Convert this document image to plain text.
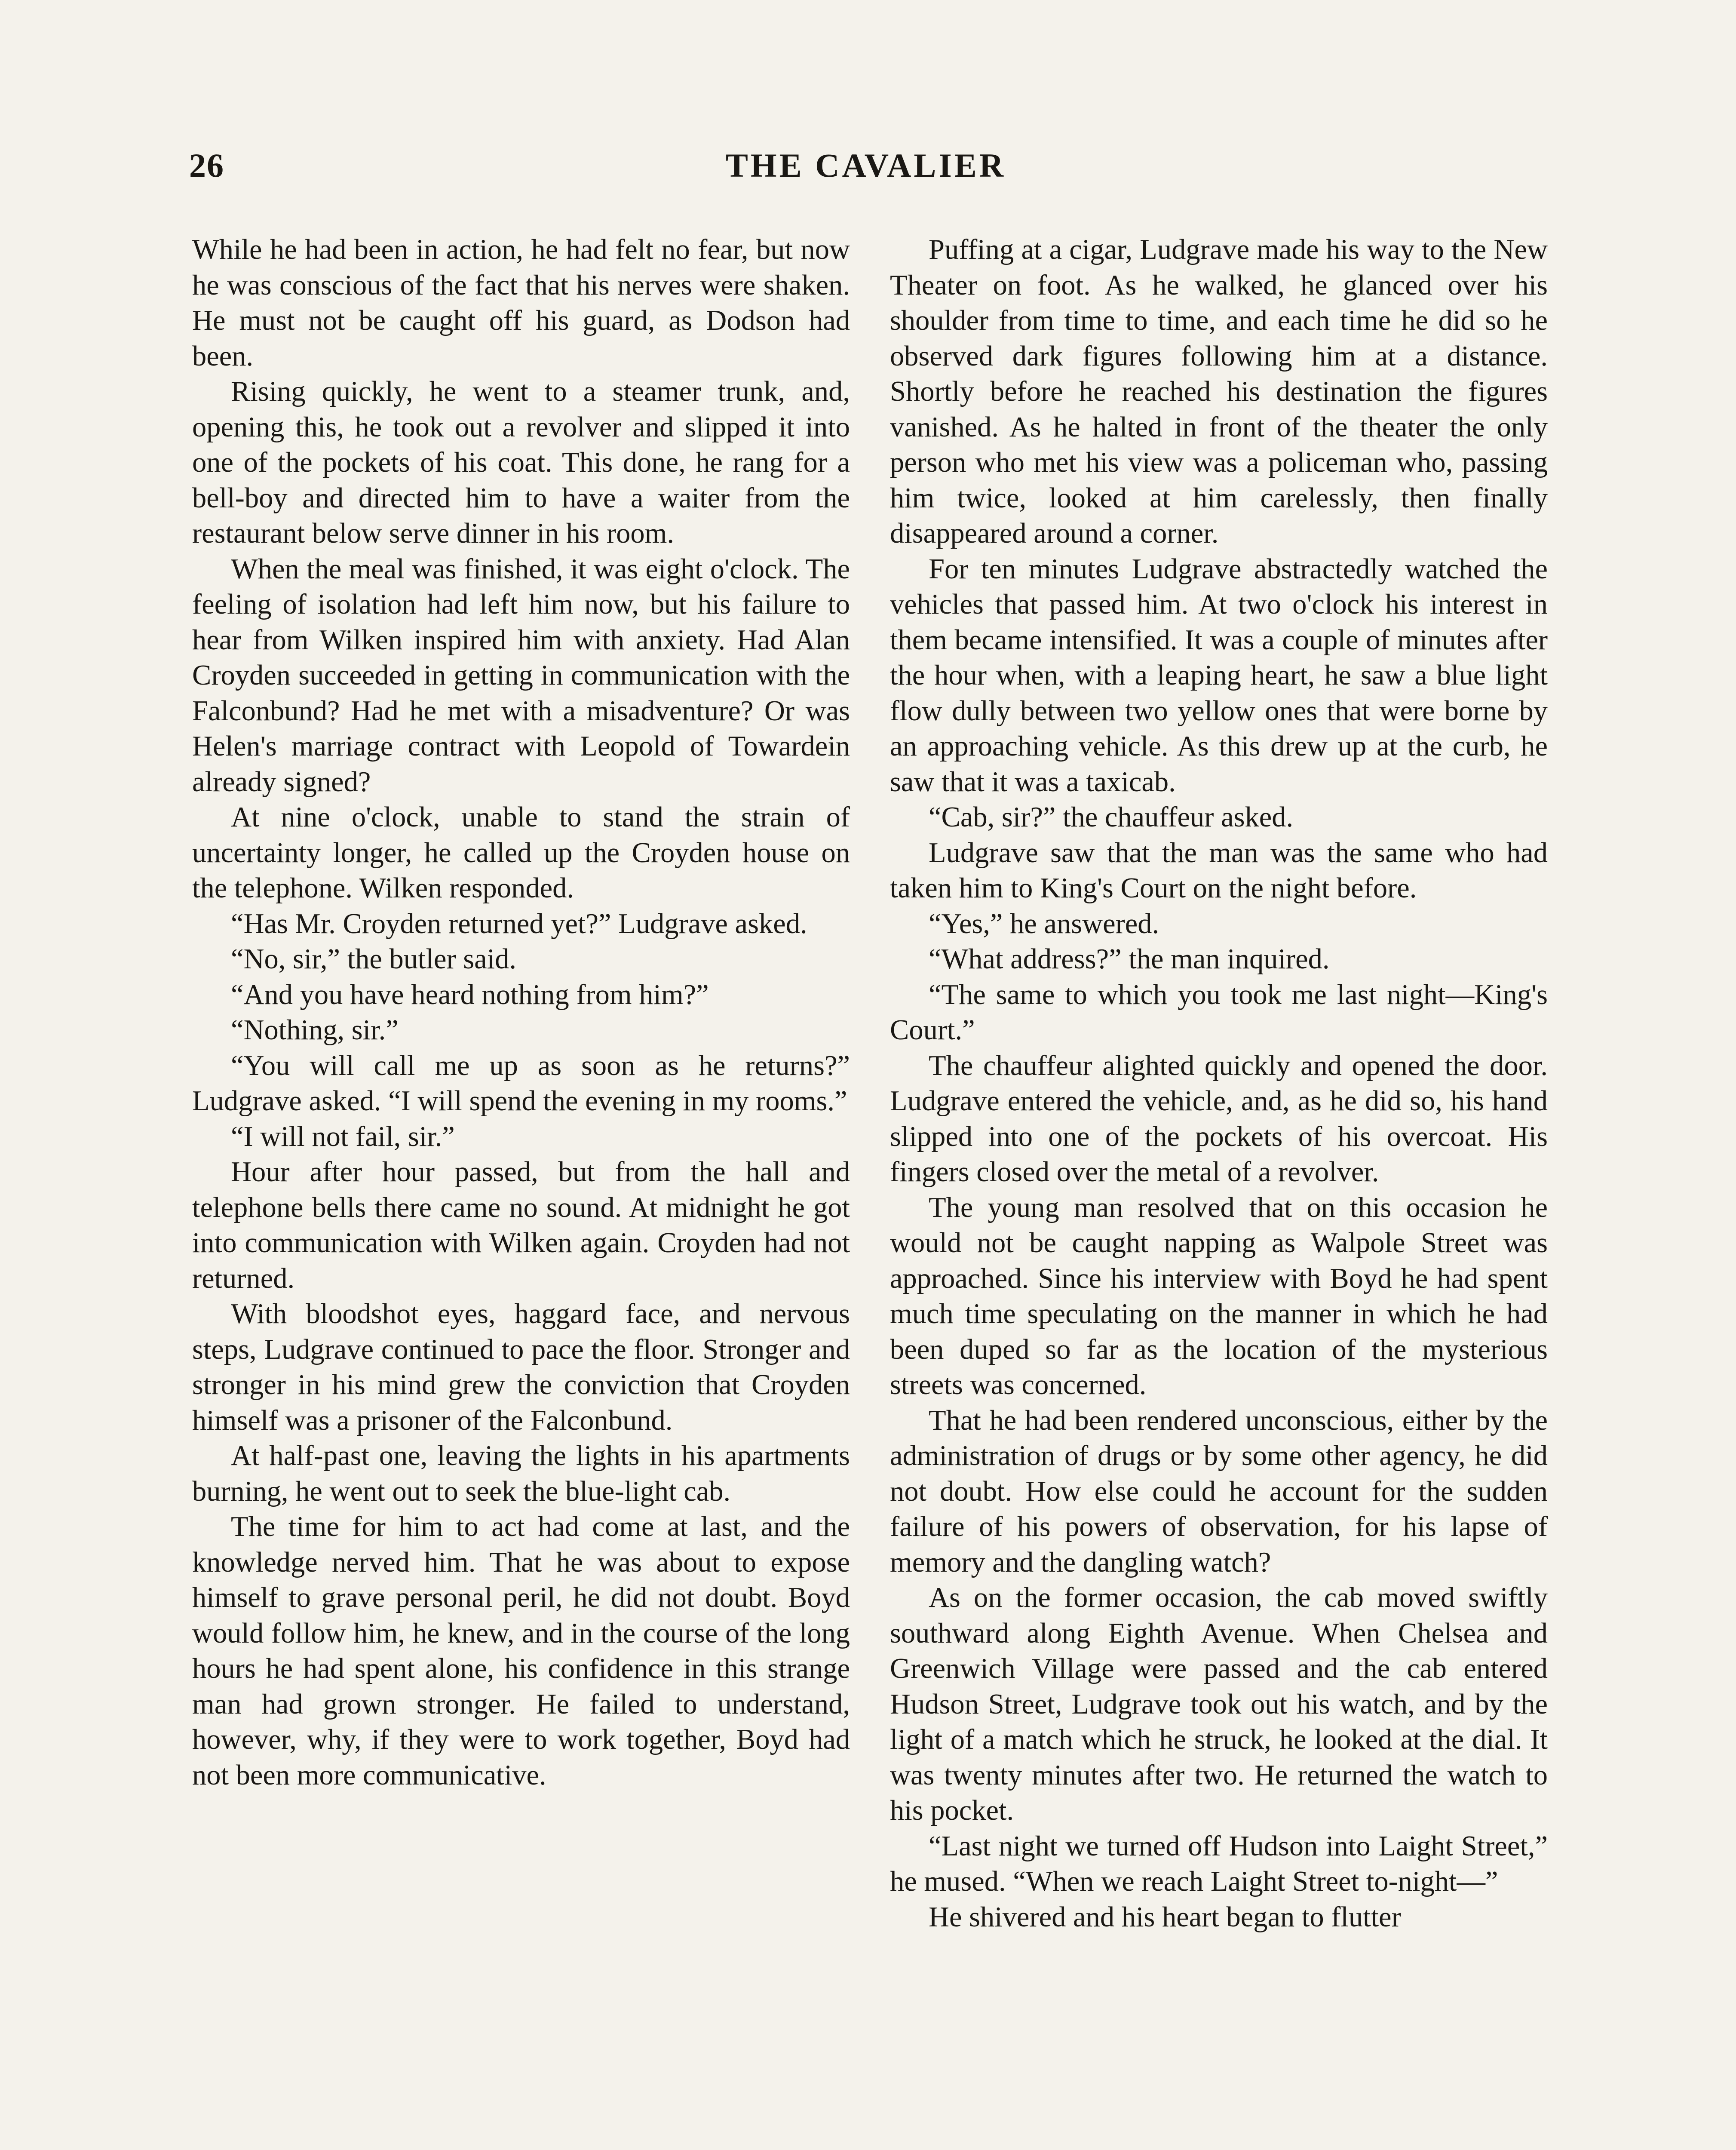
26	THE CAVALIER

While he had been in action, he had felt no fear, but now he was conscious of the fact that his nerves were shaken. He must not be caught off his guard, as Dodson had been.

Rising quickly, he went to a steamer trunk, and, opening this, he took out a revolver and slipped it into one of the pockets of his coat. This done, he rang for a bell-boy and directed him to have a waiter from the restaurant below serve dinner in his room.

When the meal was finished, it was eight o'clock. The feeling of isolation had left him now, but his failure to hear from Wilken inspired him with anxiety. Had Alan Croyden succeeded in getting in communication with the Falconbund? Had he met with a misadventure? Or was Helen's marriage contract with Leopold of Towardein already signed?

At nine o'clock, unable to stand the strain of uncertainty longer, he called up the Croyden house on the telephone. Wilken responded.

“Has Mr. Croyden returned yet?” Ludgrave asked.

“No, sir,” the butler said.

“And you have heard nothing from him?”

“Nothing, sir.”

“You will call me up as soon as he returns?” Ludgrave asked. “I will spend the evening in my rooms.”

“I will not fail, sir.”

Hour after hour passed, but from the hall and telephone bells there came no sound. At midnight he got into communication with Wilken again. Croyden had not returned.

With bloodshot eyes, haggard face, and nervous steps, Ludgrave continued to pace the floor. Stronger and stronger in his mind grew the conviction that Croyden himself was a prisoner of the Falconbund.

At half-past one, leaving the lights in his apartments burning, he went out to seek the blue-light cab.

The time for him to act had come at last, and the knowledge nerved him. That he was about to expose himself to grave personal peril, he did not doubt. Boyd would follow him, he knew, and in the course of the long hours he had spent alone, his confidence in this strange man had grown stronger. He failed to understand, however, why, if they were to work together, Boyd had not been more communicative.

Puffing at a cigar, Ludgrave made his way to the New Theater on foot. As he walked, he glanced over his shoulder from time to time, and each time he did so he observed dark figures following him at a distance. Shortly before he reached his destination the figures vanished. As he halted in front of the theater the only person who met his view was a policeman who, passing him twice, looked at him carelessly, then finally disappeared around a corner.

For ten minutes Ludgrave abstractedly watched the vehicles that passed him. At two o'clock his interest in them became intensified. It was a couple of minutes after the hour when, with a leaping heart, he saw a blue light flow dully between two yellow ones that were borne by an approaching vehicle. As this drew up at the curb, he saw that it was a taxicab.

“Cab, sir?” the chauffeur asked.

Ludgrave saw that the man was the same who had taken him to King's Court on the night before.

“Yes,” he answered.

“What address?” the man inquired.

“The same to which you took me last night—King's Court.”

The chauffeur alighted quickly and opened the door. Ludgrave entered the vehicle, and, as he did so, his hand slipped into one of the pockets of his overcoat. His fingers closed over the metal of a revolver.

The young man resolved that on this occasion he would not be caught napping as Walpole Street was approached. Since his interview with Boyd he had spent much time speculating on the manner in which he had been duped so far as the location of the mysterious streets was concerned.

That he had been rendered unconscious, either by the administration of drugs or by some other agency, he did not doubt. How else could he account for the sudden failure of his powers of observation, for his lapse of memory and the dangling watch?

As on the former occasion, the cab moved swiftly southward along Eighth Avenue. When Chelsea and Greenwich Village were passed and the cab entered Hudson Street, Ludgrave took out his watch, and by the light of a match which he struck, he looked at the dial. It was twenty minutes after two. He returned the watch to his pocket.

“Last night we turned off Hudson into Laight Street,” he mused. “When we reach Laight Street to-night—”

He shivered and his heart began to flutter
